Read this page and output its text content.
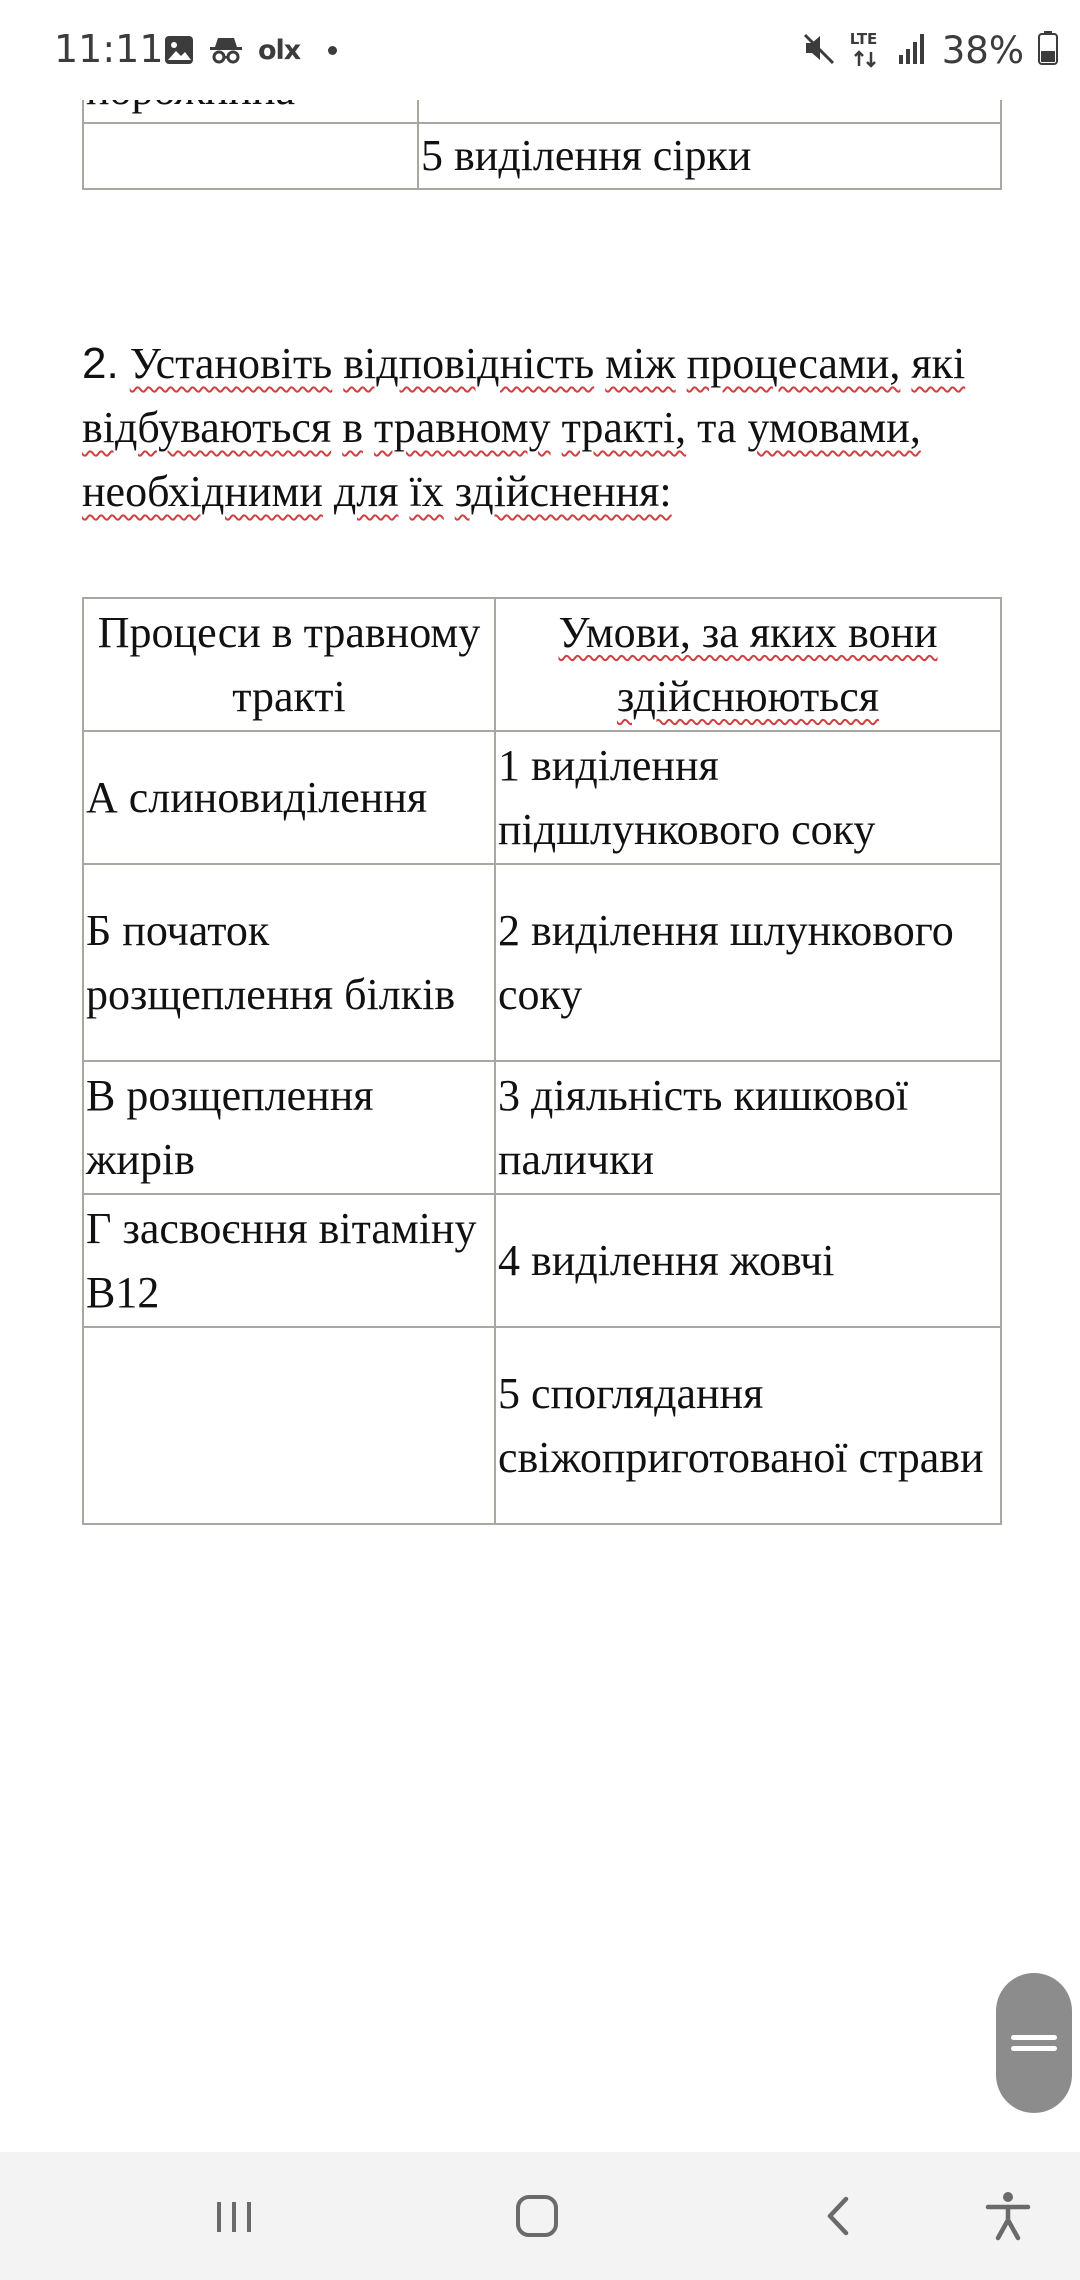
11:11	olx	LTE 38%

	5 виділення сірки
2. Установіть відповідність між процесами, які відбуваються в травному тракті, та умовами, необхідними для їх здійснення:
Процеси в травному тракті	Умови, за яких вони здійснюються
А слиновиділення	1 виділення підшлункового соку
Б початок розщеплення білків	2 виділення шлункового соку
В розщеплення жирів	3 діяльність кишкової палички
Г засвоєння вітаміну В12	4 виділення жовчі
	5 споглядання свіжоприготованої страви
